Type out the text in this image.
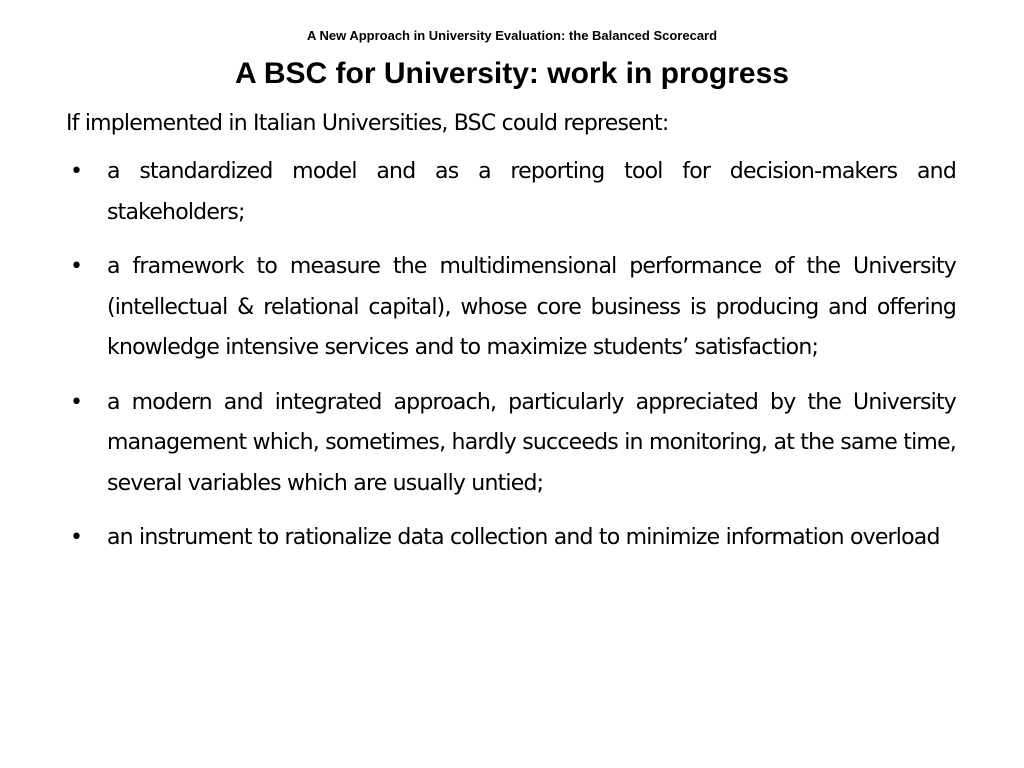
A New Approach in University Evaluation: the Balanced Scorecard
A BSC for University: work in progress

If implemented in Italian Universities, BSC could represent:

• a standardized model and as a reporting tool for decision-makers and stakeholders;
• a framework to measure the multidimensional performance of the University (intellectual & relational capital), whose core business is producing and offering knowledge intensive services and to maximize students’ satisfaction;
• a modern and integrated approach, particularly appreciated by the University management which, sometimes, hardly succeeds in monitoring, at the same time, several variables which are usually untied;
• an instrument to rationalize data collection and to minimize information overload
